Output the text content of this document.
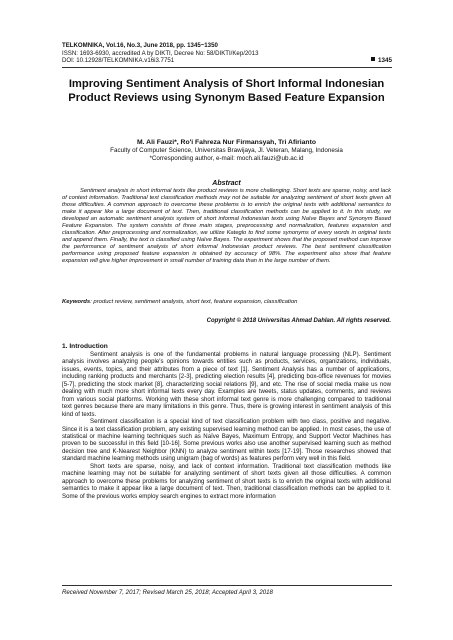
TELKOMNIKA, Vol.16, No.3, June 2018, pp. 1345~1350
ISSN: 1693-6930, accredited A by DIKTI, Decree No: 58/DIKTI/Kep/2013
DOI: 10.12928/TELKOMNIKA.v16i3.7751	1345
Improving Sentiment Analysis of Short Informal Indonesian Product Reviews using Synonym Based Feature Expansion
M. Ali Fauzi*, Ro'i Fahreza Nur Firmansyah, Tri Afirianto
Faculty of Computer Science, Universitas Brawijaya, Jl. Veteran, Malang, Indonesia
*Corresponding author, e-mail: moch.ali.fauzi@ub.ac.id
Abstract
Sentiment analysis in short informal texts like product reviews is more challenging. Short texts are sparse, noisy, and lack of context information. Traditional text classification methods may not be suitable for analyzing sentiment of short texts given all those difficulties. A common approach to overcome these problems is to enrich the original texts with additional semantics to make it appear like a large document of text. Then, traditional classification methods can be applied to it. In this study, we developed an automatic sentiment analysis system of short informal Indonesian texts using Naïve Bayes and Synonym Based Feature Expansion. The system consists of three main stages, preprocessing and normalization, features expansion and classification. After preprocessing and normalization, we utilize Kateglo to find some synonyms of every words in original texts and append them. Finally, the text is classified using Naïve Bayes. The experiment shows that the proposed method can improve the performance of sentiment analysis of short informal Indonesian product reviews. The best sentiment classification performance using proposed feature expansion is obtained by accuracy of 98%. The experiment also show that feature expansion will give higher improvement in small number of training data than in the large number of them.
Keywords: product review, sentiment analysis, short text, feature expansion, classification
Copyright © 2018 Universitas Ahmad Dahlan. All rights reserved.
1. Introduction

Sentiment analysis is one of the fundamental problems in natural language processing (NLP). Sentiment analysis involves analyzing people's opinions towards entities such as products, services, organizations, individuals, issues, events, topics, and their attributes from a piece of text [1]. Sentiment Analysis has a number of applications, including ranking products and merchants [2-3], predicting election results [4], predicting box-office revenues for movies [5-7], predicting the stock market [8], characterizing social relations [9], and etc. The rise of social media make us now dealing with much more short informal texts every day. Examples are tweets, status updates, comments, and reviews from various social platforms. Working with these short informal text genre is more challenging compared to traditional text genres because there are many limitations in this genre. Thus, there is growing interest in sentiment analysis of this kind of texts.

Sentiment classification is a special kind of text classification problem with two class, positive and negative. Since it is a text classification problem, any existing supervised learning method can be applied. In most cases, the use of statistical or machine learning techniques such as Naïve Bayes, Maximum Entropy, and Support Vector Machines has proven to be successful in this field [10-16]. Some previous works also use another supervised learning such as method decision tree and K-Nearest Neighbor (KNN) to analyze sentiment within texts [17-19]. Those researches showed that standard machine learning methods using unigram (bag of words) as features perform very well in this field.

Short texts are sparse, noisy, and lack of context information. Traditional text classification methods like machine learning may not be suitable for analyzing sentiment of short texts given all those difficulties. A common approach to overcome these problems for analyzing sentiment of short texts is to enrich the original texts with additional semantics to make it appear like a large document of text. Then, traditional classification methods can be applied to it. Some of the previous works employ search engines to extract more information

Received November 7, 2017; Revised March 25, 2018; Accepted April 3, 2018
